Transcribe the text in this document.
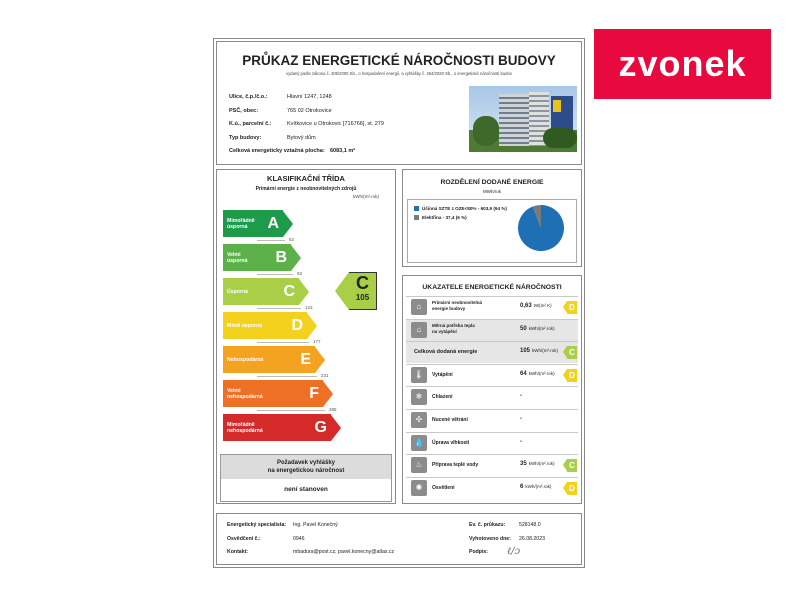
zvonek
PRŮKAZ ENERGETICKÉ NÁROČNOSTI BUDOVY
vydaný podle zákona č. 406/2000 Sb., o hospodaření energií, a vyhlášky č. 264/2020 Sb., o energetické náročnosti budov
Ulice, č.p./č.o.:	Hlavní 1247, 1248
PSČ, obec:	765 02 Otrokovice
K.ú., parcelní č.:	Kvítkovice u Otrokovic [716766], st. 279
Typ budovy:	Bytový dům
Celková energeticky vztažná plocha: 6083,1 m²
KLASIFIKAČNÍ TŘÍDA
Primární energie z neobnovitelných zdrojů
kWh/(m².rok)
Mimořádně
úsporná	A
Velmi
úsporná B
Úsporná C
Méně úsporná D
Nehospodárná E
Velmi
nehospodárná	F
Mimořádně
nehospodárná	G
62
93
123
177
231
285
C
105
Požadavek vyhlášky
na energetickou náročnost
není stanoven
ROZDĚLENÍ DODANÉ ENERGIE
MWh/rok
Účinná SZTE z OZE<80% - 603,9 (94 %)
Elektřina - 37,4 (6 %)
UKAZATELE ENERGETICKÉ NÁROČNOSTI
⌂	Primární neobnovitelná
energie budovy	0,63 W/(m².K) D
⌂	Měrná potřeba tepla
na vytápění	50 kWh/(m².rok)
Celková dodaná energie	105 kWh/(m².rok) C
🌡	Vytápění	64 kWh/(m².rok) D
❄	Chlazení	-
✣	Nucené větrání	-
💧	Úprava vlhkosti	-
♨	Příprava teplé vody	35 kWh/(m².rok) C
✺	Osvětlení	6 kWh/(m².rok) D
Energetický specialista: Ing. Pavel Konečný
Osvědčení č.:	0946
Kontakt:	mbadura@post.cz, pavel.konecny@atlas.cz
Ev. č. průkazu:	528148.0
Vyhotoveno dne: 26.08.2023
Podpis: ℓ∕ɔ
